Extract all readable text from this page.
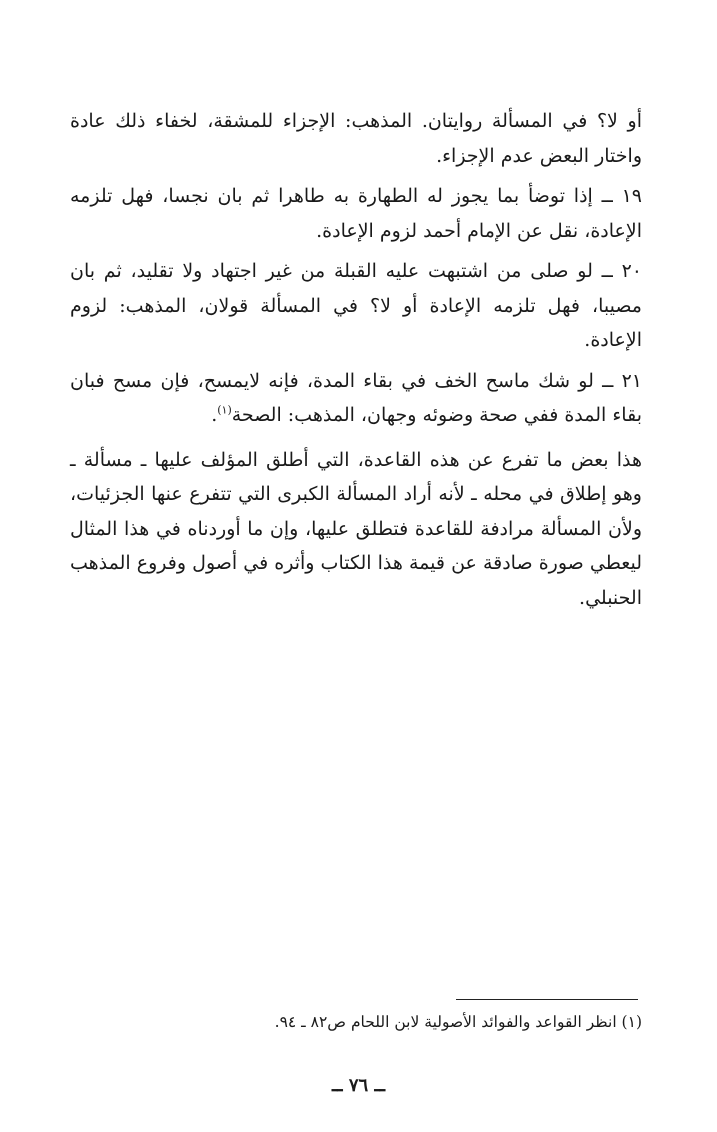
أو لا؟ في المسألة روايتان. المذهب: الإجزاء للمشقة، لخفاء ذلك عادة واختار البعض عدم الإجزاء.

١٩ ــ إذا توضأ بما يجوز له الطهارة به طاهرا ثم بان نجسا، فهل تلزمه الإعادة، نقل عن الإمام أحمد لزوم الإعادة.

٢٠ ــ لو صلى من اشتبهت عليه القبلة من غير اجتهاد ولا تقليد، ثم بان مصيبا، فهل تلزمه الإعادة أو لا؟ في المسألة قولان، المذهب: لزوم الإعادة.

٢١ ــ لو شك ماسح الخف في بقاء المدة، فإنه لايمسح، فإن مسح فبان بقاء المدة ففي صحة وضوئه وجهان، المذهب: الصحة$^{(١)}$.

هذا بعض ما تفرع عن هذه القاعدة، التي أطلق المؤلف عليها ـ مسألة ـ وهو إطلاق في محله ـ لأنه أراد المسألة الكبرى التي تتفرع عنها الجزئيات، ولأن المسألة مرادفة للقاعدة فتطلق عليها، وإن ما أوردناه في هذا المثال ليعطي صورة صادقة عن قيمة هذا الكتاب وأثره في أصول وفروع المذهب الحنبلي.

(١) انظر القواعد والفوائد الأصولية لابن اللحام ص٨٢ ـ ٩٤.
ــ ٧٦ ــ
